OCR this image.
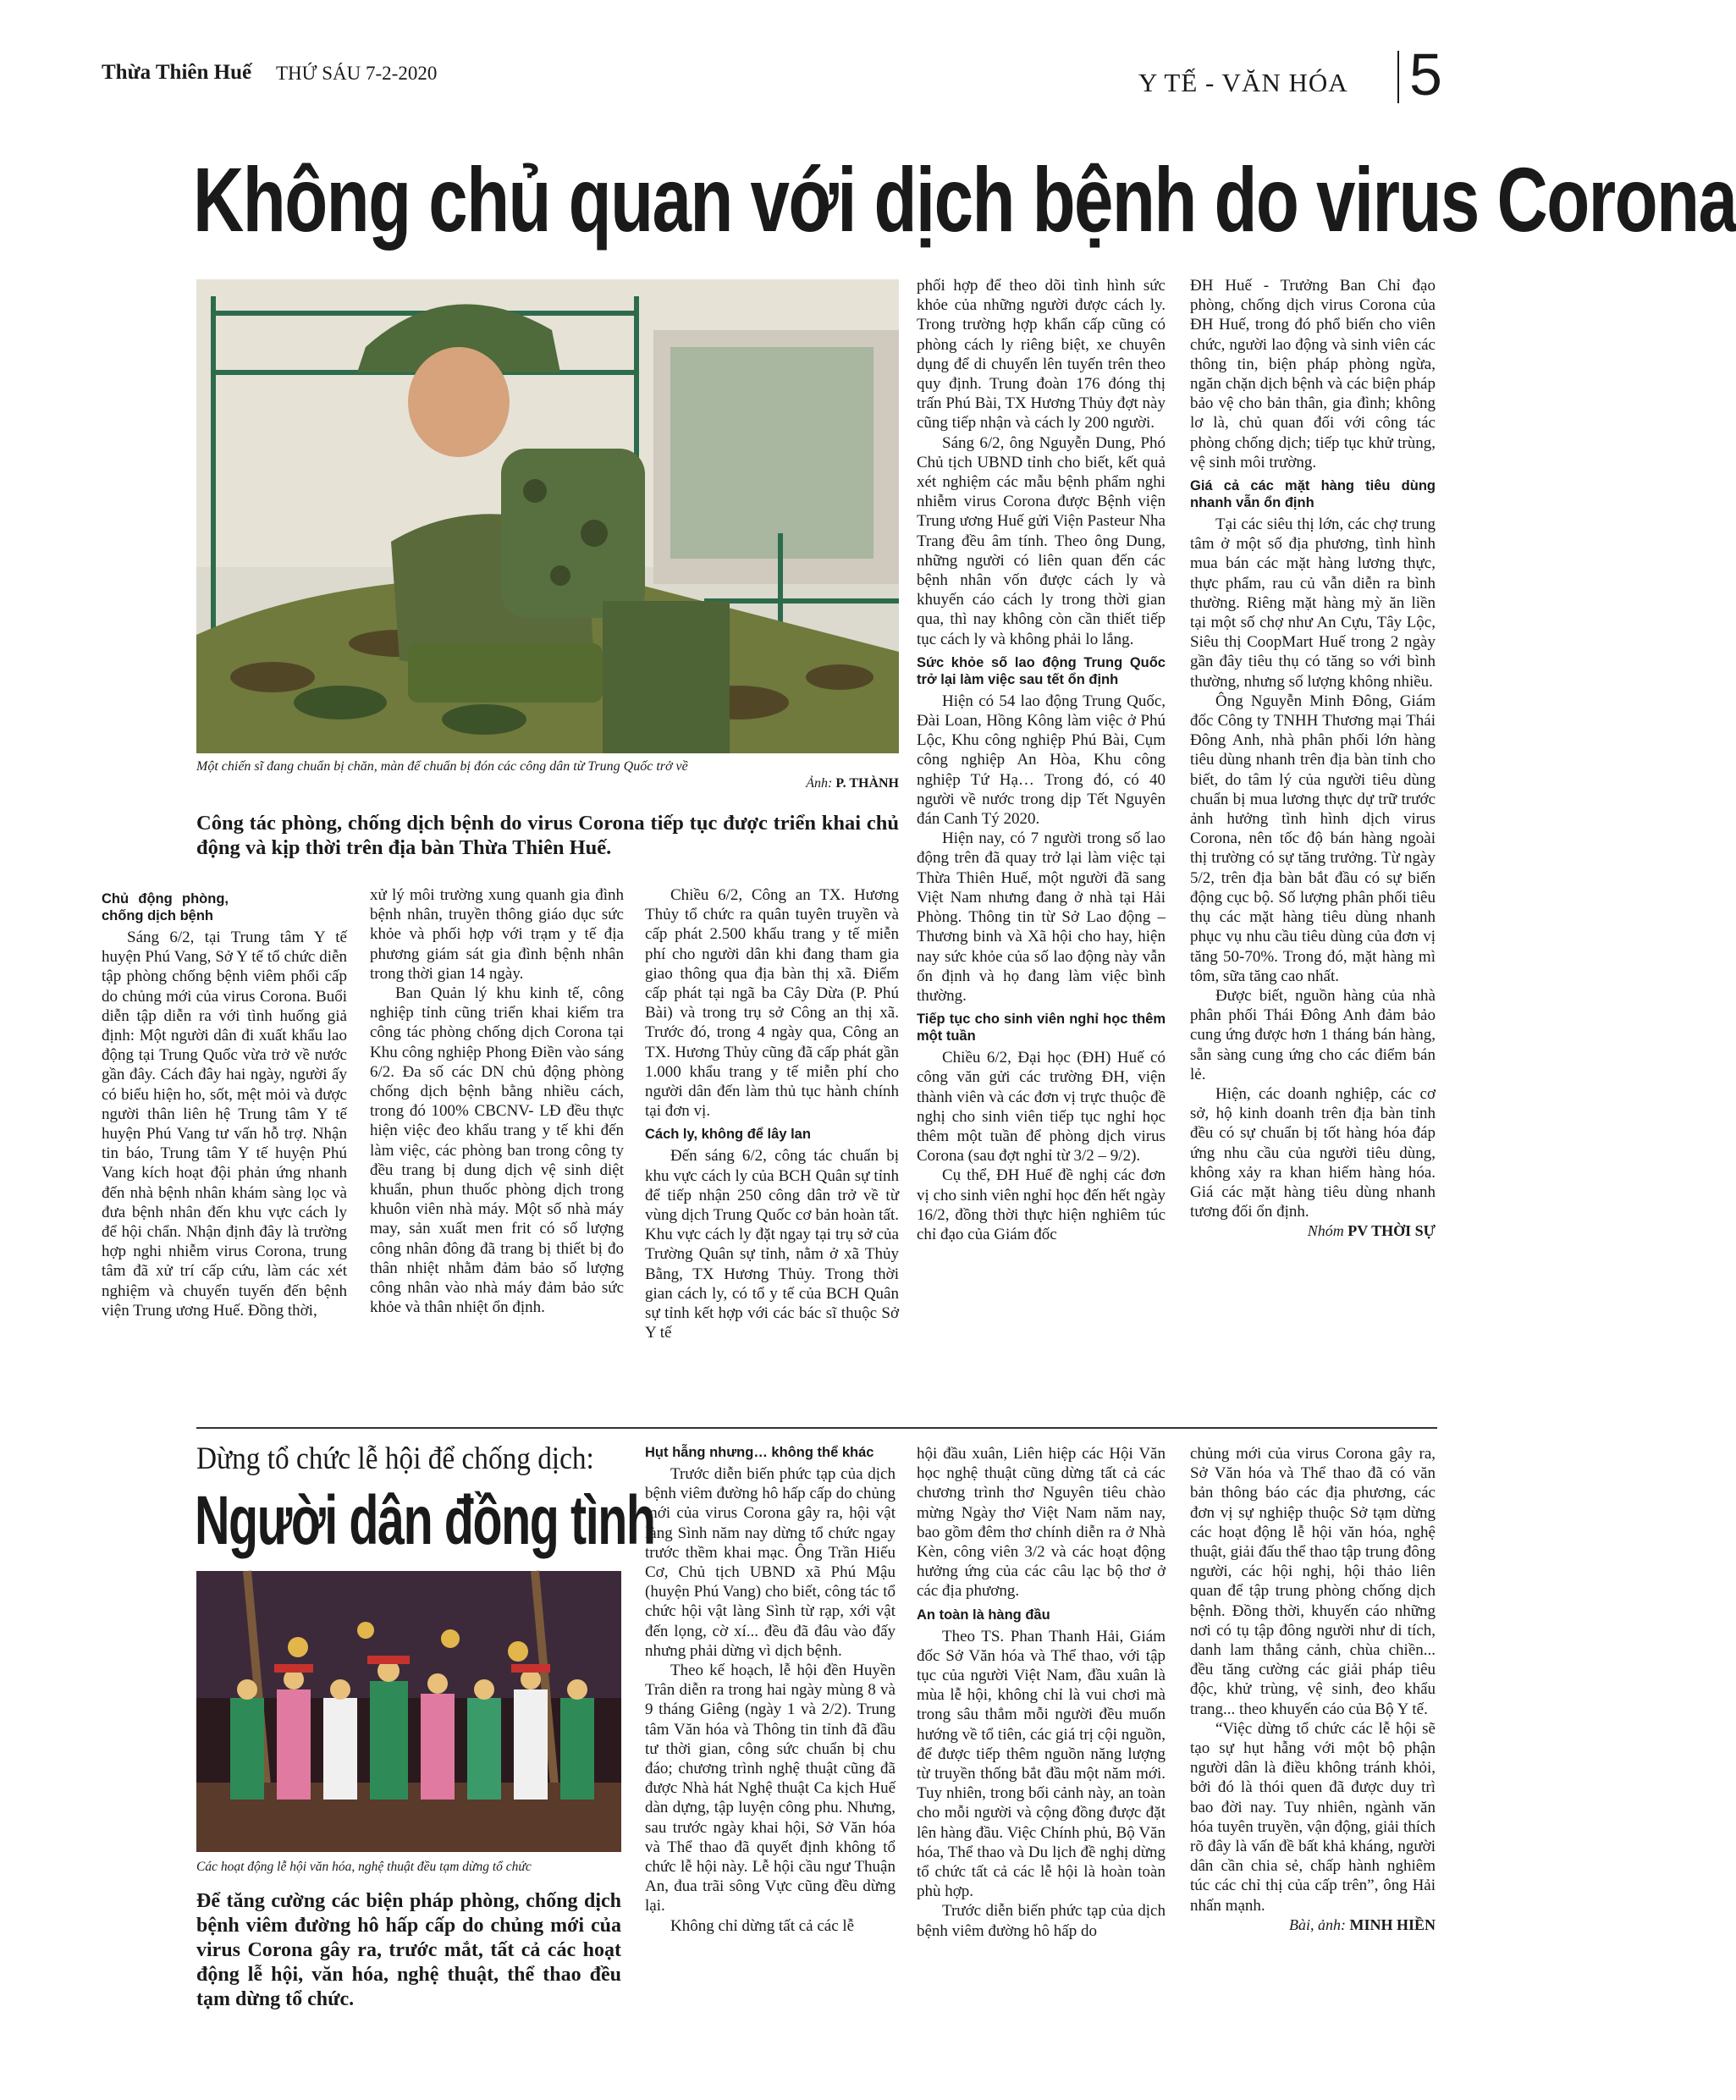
Thừa Thiên Huế THỨ SÁU 7-2-2020	Y TẾ - VĂN HÓA 5
Không chủ quan với dịch bệnh do virus Corona
Một chiến sĩ đang chuẩn bị chăn, màn để chuẩn bị đón các công dân từ Trung Quốc trở về
Ảnh: P. THÀNH
Công tác phòng, chống dịch bệnh do virus Corona tiếp tục được triển khai chủ động và kịp thời trên địa bàn Thừa Thiên Huế.
Chủ động phòng, chống dịch bệnh

Sáng 6/2, tại Trung tâm Y tế huyện Phú Vang, Sở Y tế tổ chức diễn tập phòng chống bệnh viêm phổi cấp do chủng mới của virus Corona. Buổi diễn tập diễn ra với tình huống giả định: Một người dân đi xuất khẩu lao động tại Trung Quốc vừa trở về nước gần đây. Cách đây hai ngày, người ấy có biểu hiện ho, sốt, mệt mỏi và được người thân liên hệ Trung tâm Y tế huyện Phú Vang tư vấn hỗ trợ. Nhận tin báo, Trung tâm Y tế huyện Phú Vang kích hoạt đội phản ứng nhanh đến nhà bệnh nhân khám sàng lọc và đưa bệnh nhân đến khu vực cách ly để hội chẩn. Nhận định đây là trường hợp nghi nhiễm virus Corona, trung tâm đã xử trí cấp cứu, làm các xét nghiệm và chuyển tuyến đến bệnh viện Trung ương Huế. Đồng thời,

xử lý môi trường xung quanh gia đình bệnh nhân, truyền thông giáo dục sức khỏe và phối hợp với trạm y tế địa phương giám sát gia đình bệnh nhân trong thời gian 14 ngày.

Ban Quản lý khu kinh tế, công nghiệp tỉnh cũng triển khai kiểm tra công tác phòng chống dịch Corona tại Khu công nghiệp Phong Điền vào sáng 6/2. Đa số các DN chủ động phòng chống dịch bệnh bằng nhiều cách, trong đó 100% CBCNV- LĐ đều thực hiện việc đeo khẩu trang y tế khi đến làm việc, các phòng ban trong công ty đều trang bị dung dịch vệ sinh diệt khuẩn, phun thuốc phòng dịch trong khuôn viên nhà máy. Một số nhà máy may, sản xuất men frit có số lượng công nhân đông đã trang bị thiết bị đo thân nhiệt nhằm đảm bảo số lượng công nhân vào nhà máy đảm bảo sức khỏe và thân nhiệt ổn định.

Chiều 6/2, Công an TX. Hương Thủy tổ chức ra quân tuyên truyền và cấp phát 2.500 khẩu trang y tế miễn phí cho người dân khi đang tham gia giao thông qua địa bàn thị xã. Điểm cấp phát tại ngã ba Cây Dừa (P. Phú Bài) và trong trụ sở Công an thị xã. Trước đó, trong 4 ngày qua, Công an TX. Hương Thủy cũng đã cấp phát gần 1.000 khẩu trang y tế miễn phí cho người dân đến làm thủ tục hành chính tại đơn vị.

Cách ly, không để lây lan

Đến sáng 6/2, công tác chuẩn bị khu vực cách ly của BCH Quân sự tỉnh để tiếp nhận 250 công dân trở về từ vùng dịch Trung Quốc cơ bản hoàn tất. Khu vực cách ly đặt ngay tại trụ sở của Trường Quân sự tỉnh, nằm ở xã Thủy Bằng, TX Hương Thủy. Trong thời gian cách ly, có tổ y tế của BCH Quân sự tỉnh kết hợp với các bác sĩ thuộc Sở Y tế

phối hợp để theo dõi tình hình sức khỏe của những người được cách ly. Trong trường hợp khẩn cấp cũng có phòng cách ly riêng biệt, xe chuyên dụng để di chuyển lên tuyến trên theo quy định. Trung đoàn 176 đóng thị trấn Phú Bài, TX Hương Thủy đợt này cũng tiếp nhận và cách ly 200 người.

Sáng 6/2, ông Nguyễn Dung, Phó Chủ tịch UBND tỉnh cho biết, kết quả xét nghiệm các mẫu bệnh phẩm nghi nhiễm virus Corona được Bệnh viện Trung ương Huế gửi Viện Pasteur Nha Trang đều âm tính. Theo ông Dung, những người có liên quan đến các bệnh nhân vốn được cách ly và khuyến cáo cách ly trong thời gian qua, thì nay không còn cần thiết tiếp tục cách ly và không phải lo lắng.

Sức khỏe số lao động Trung Quốc trở lại làm việc sau tết ổn định

Hiện có 54 lao động Trung Quốc, Đài Loan, Hồng Kông làm việc ở Phú Lộc, Khu công nghiệp Phú Bài, Cụm công nghiệp An Hòa, Khu công nghiệp Tứ Hạ… Trong đó, có 40 người về nước trong dịp Tết Nguyên đán Canh Tý 2020.

Hiện nay, có 7 người trong số lao động trên đã quay trở lại làm việc tại Thừa Thiên Huế, một người đã sang Việt Nam nhưng đang ở nhà tại Hải Phòng. Thông tin từ Sở Lao động – Thương binh và Xã hội cho hay, hiện nay sức khỏe của số lao động này vẫn ổn định và họ đang làm việc bình thường.

Tiếp tục cho sinh viên nghỉ học thêm một tuần

Chiều 6/2, Đại học (ĐH) Huế có công văn gửi các trường ĐH, viện thành viên và các đơn vị trực thuộc đề nghị cho sinh viên tiếp tục nghỉ học thêm một tuần để phòng dịch virus Corona (sau đợt nghỉ từ 3/2 – 9/2).

Cụ thể, ĐH Huế đề nghị các đơn vị cho sinh viên nghỉ học đến hết ngày 16/2, đồng thời thực hiện nghiêm túc chỉ đạo của Giám đốc

ĐH Huế - Trưởng Ban Chỉ đạo phòng, chống dịch virus Corona của ĐH Huế, trong đó phổ biến cho viên chức, người lao động và sinh viên các thông tin, biện pháp phòng ngừa, ngăn chặn dịch bệnh và các biện pháp bảo vệ cho bản thân, gia đình; không lơ là, chủ quan đối với công tác phòng chống dịch; tiếp tục khử trùng, vệ sinh môi trường.

Giá cả các mặt hàng tiêu dùng nhanh vẫn ổn định

Tại các siêu thị lớn, các chợ trung tâm ở một số địa phương, tình hình mua bán các mặt hàng lương thực, thực phẩm, rau củ vẫn diễn ra bình thường. Riêng mặt hàng mỳ ăn liền tại một số chợ như An Cựu, Tây Lộc, Siêu thị CoopMart Huế trong 2 ngày gần đây tiêu thụ có tăng so với bình thường, nhưng số lượng không nhiều.

Ông Nguyễn Minh Đông, Giám đốc Công ty TNHH Thương mại Thái Đông Anh, nhà phân phối lớn hàng tiêu dùng nhanh trên địa bàn tỉnh cho biết, do tâm lý của người tiêu dùng chuẩn bị mua lương thực dự trữ trước ảnh hưởng tình hình dịch virus Corona, nên tốc độ bán hàng ngoài thị trường có sự tăng trưởng. Từ ngày 5/2, trên địa bàn bắt đầu có sự biến động cục bộ. Số lượng phân phối tiêu thụ các mặt hàng tiêu dùng nhanh phục vụ nhu cầu tiêu dùng của đơn vị tăng 50-70%. Trong đó, mặt hàng mì tôm, sữa tăng cao nhất.

Được biết, nguồn hàng của nhà phân phối Thái Đông Anh đảm bảo cung ứng được hơn 1 tháng bán hàng, sẵn sàng cung ứng cho các điểm bán lẻ.

Hiện, các doanh nghiệp, các cơ sở, hộ kinh doanh trên địa bàn tỉnh đều có sự chuẩn bị tốt hàng hóa đáp ứng nhu cầu của người tiêu dùng, không xảy ra khan hiếm hàng hóa. Giá các mặt hàng tiêu dùng nhanh tương đối ổn định.

Nhóm PV THỜI SỰ
Dừng tổ chức lễ hội để chống dịch:
Người dân đồng tình
Các hoạt động lễ hội văn hóa, nghệ thuật đều tạm dừng tổ chức
Để tăng cường các biện pháp phòng, chống dịch bệnh viêm đường hô hấp cấp do chủng mới của virus Corona gây ra, trước mắt, tất cả các hoạt động lễ hội, văn hóa, nghệ thuật, thể thao đều tạm dừng tổ chức.
Hụt hẫng nhưng… không thể khác

Trước diễn biến phức tạp của dịch bệnh viêm đường hô hấp cấp do chủng mới của virus Corona gây ra, hội vật làng Sình năm nay dừng tổ chức ngay trước thềm khai mạc. Ông Trần Hiếu Cơ, Chủ tịch UBND xã Phú Mậu (huyện Phú Vang) cho biết, công tác tổ chức hội vật làng Sình từ rạp, xới vật đến lọng, cờ xí... đều đã đâu vào đấy nhưng phải dừng vì dịch bệnh.

Theo kế hoạch, lễ hội đền Huyền Trân diễn ra trong hai ngày mùng 8 và 9 tháng Giêng (ngày 1 và 2/2). Trung tâm Văn hóa và Thông tin tỉnh đã đầu tư thời gian, công sức chuẩn bị chu đáo; chương trình nghệ thuật cũng đã được Nhà hát Nghệ thuật Ca kịch Huế dàn dựng, tập luyện công phu. Nhưng, sau trước ngày khai hội, Sở Văn hóa và Thể thao đã quyết định không tổ chức lễ hội này. Lễ hội cầu ngư Thuận An, đua trãi sông Vực cũng đều dừng lại.

Không chỉ dừng tất cả các lễ

hội đầu xuân, Liên hiệp các Hội Văn học nghệ thuật cũng dừng tất cả các chương trình thơ Nguyên tiêu chào mừng Ngày thơ Việt Nam năm nay, bao gồm đêm thơ chính diễn ra ở Nhà Kèn, công viên 3/2 và các hoạt động hưởng ứng của các câu lạc bộ thơ ở các địa phương.

An toàn là hàng đầu

Theo TS. Phan Thanh Hải, Giám đốc Sở Văn hóa và Thể thao, với tập tục của người Việt Nam, đầu xuân là mùa lễ hội, không chỉ là vui chơi mà trong sâu thẳm mỗi người đều muốn hướng về tổ tiên, các giá trị cội nguồn, để được tiếp thêm nguồn năng lượng từ truyền thống bắt đầu một năm mới. Tuy nhiên, trong bối cảnh này, an toàn cho mỗi người và cộng đồng được đặt lên hàng đầu. Việc Chính phủ, Bộ Văn hóa, Thể thao và Du lịch đề nghị dừng tổ chức tất cả các lễ hội là hoàn toàn phù hợp.

Trước diễn biến phức tạp của dịch bệnh viêm đường hô hấp do

chủng mới của virus Corona gây ra, Sở Văn hóa và Thể thao đã có văn bản thông báo các địa phương, các đơn vị sự nghiệp thuộc Sở tạm dừng các hoạt động lễ hội văn hóa, nghệ thuật, giải đấu thể thao tập trung đông người, các hội nghị, hội thảo liên quan để tập trung phòng chống dịch bệnh. Đồng thời, khuyến cáo những nơi có tụ tập đông người như di tích, danh lam thắng cảnh, chùa chiền... đều tăng cường các giải pháp tiêu độc, khử trùng, vệ sinh, đeo khẩu trang... theo khuyến cáo của Bộ Y tế.

“Việc dừng tổ chức các lễ hội sẽ tạo sự hụt hẫng với một bộ phận người dân là điều không tránh khỏi, bởi đó là thói quen đã được duy trì bao đời nay. Tuy nhiên, ngành văn hóa tuyên truyền, vận động, giải thích rõ đây là vấn đề bất khả kháng, người dân cần chia sẻ, chấp hành nghiêm túc các chỉ thị của cấp trên”, ông Hải nhấn mạnh.

Bài, ảnh: MINH HIỀN
